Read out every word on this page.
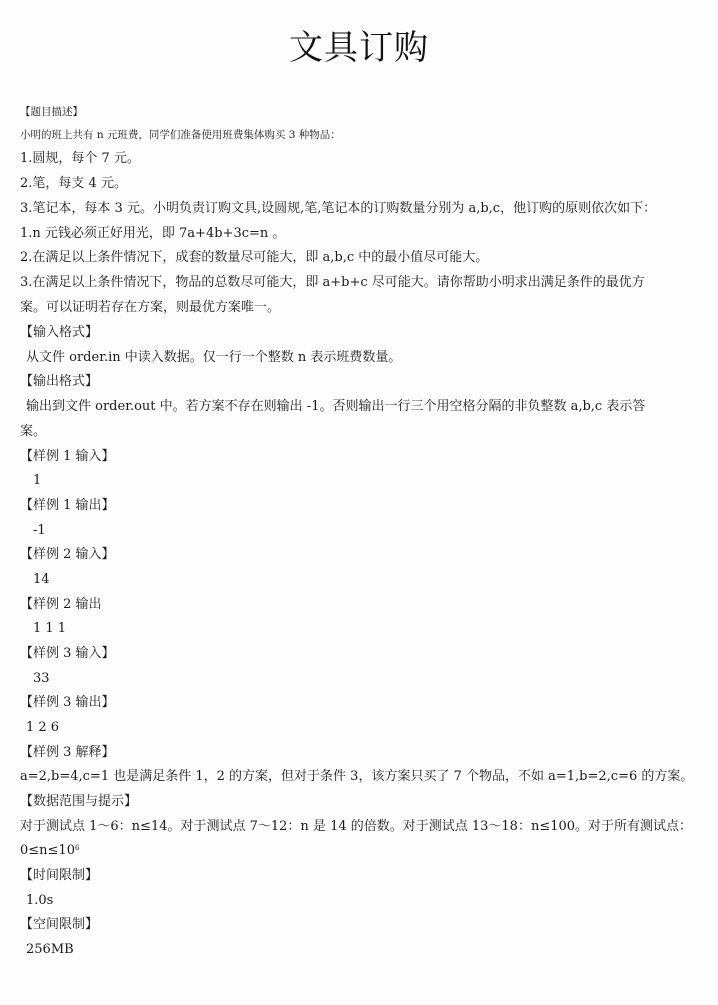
文具订购
【题目描述】
小明的班上共有 n 元班费，同学们准备使用班费集体购买 3 种物品：
1.圆规，每个 7 元。
2.笔，每支 4 元。
3.笔记本，每本 3 元。小明负责订购文具,设圆规,笔,笔记本的订购数量分别为 a,b,c，他订购的原则依次如下：
1.n 元钱必须正好用光，即 7a+4b+3c=n 。
2.在满足以上条件情况下，成套的数量尽可能大，即 a,b,c 中的最小值尽可能大。
3.在满足以上条件情况下，物品的总数尽可能大，即 a+b+c 尽可能大。请你帮助小明求出满足条件的最优方
案。可以证明若存在方案，则最优方案唯一。
【输入格式】
从文件 order.in 中读入数据。仅一行一个整数 n 表示班费数量。
【输出格式】
输出到文件 order.out 中。若方案不存在则输出 -1。否则输出一行三个用空格分隔的非负整数 a,b,c 表示答
案。
【样例 1 输入】
1
【样例 1 输出】
-1
【样例 2 输入】
14
【样例 2 输出
1 1 1
【样例 3 输入】
33
【样例 3 输出】
1 2 6
【样例 3 解释】
a=2,b=4,c=1 也是满足条件 1，2 的方案，但对于条件 3，该方案只买了 7 个物品，不如 a=1,b=2,c=6 的方案。
【数据范围与提示】
对于测试点 1～6：n≤14。对于测试点 7～12：n 是 14 的倍数。对于测试点 13～18：n≤100。对于所有测试点：
$0\le n\le 10^6$
【时间限制】
1.0s
【空间限制】
256MB
